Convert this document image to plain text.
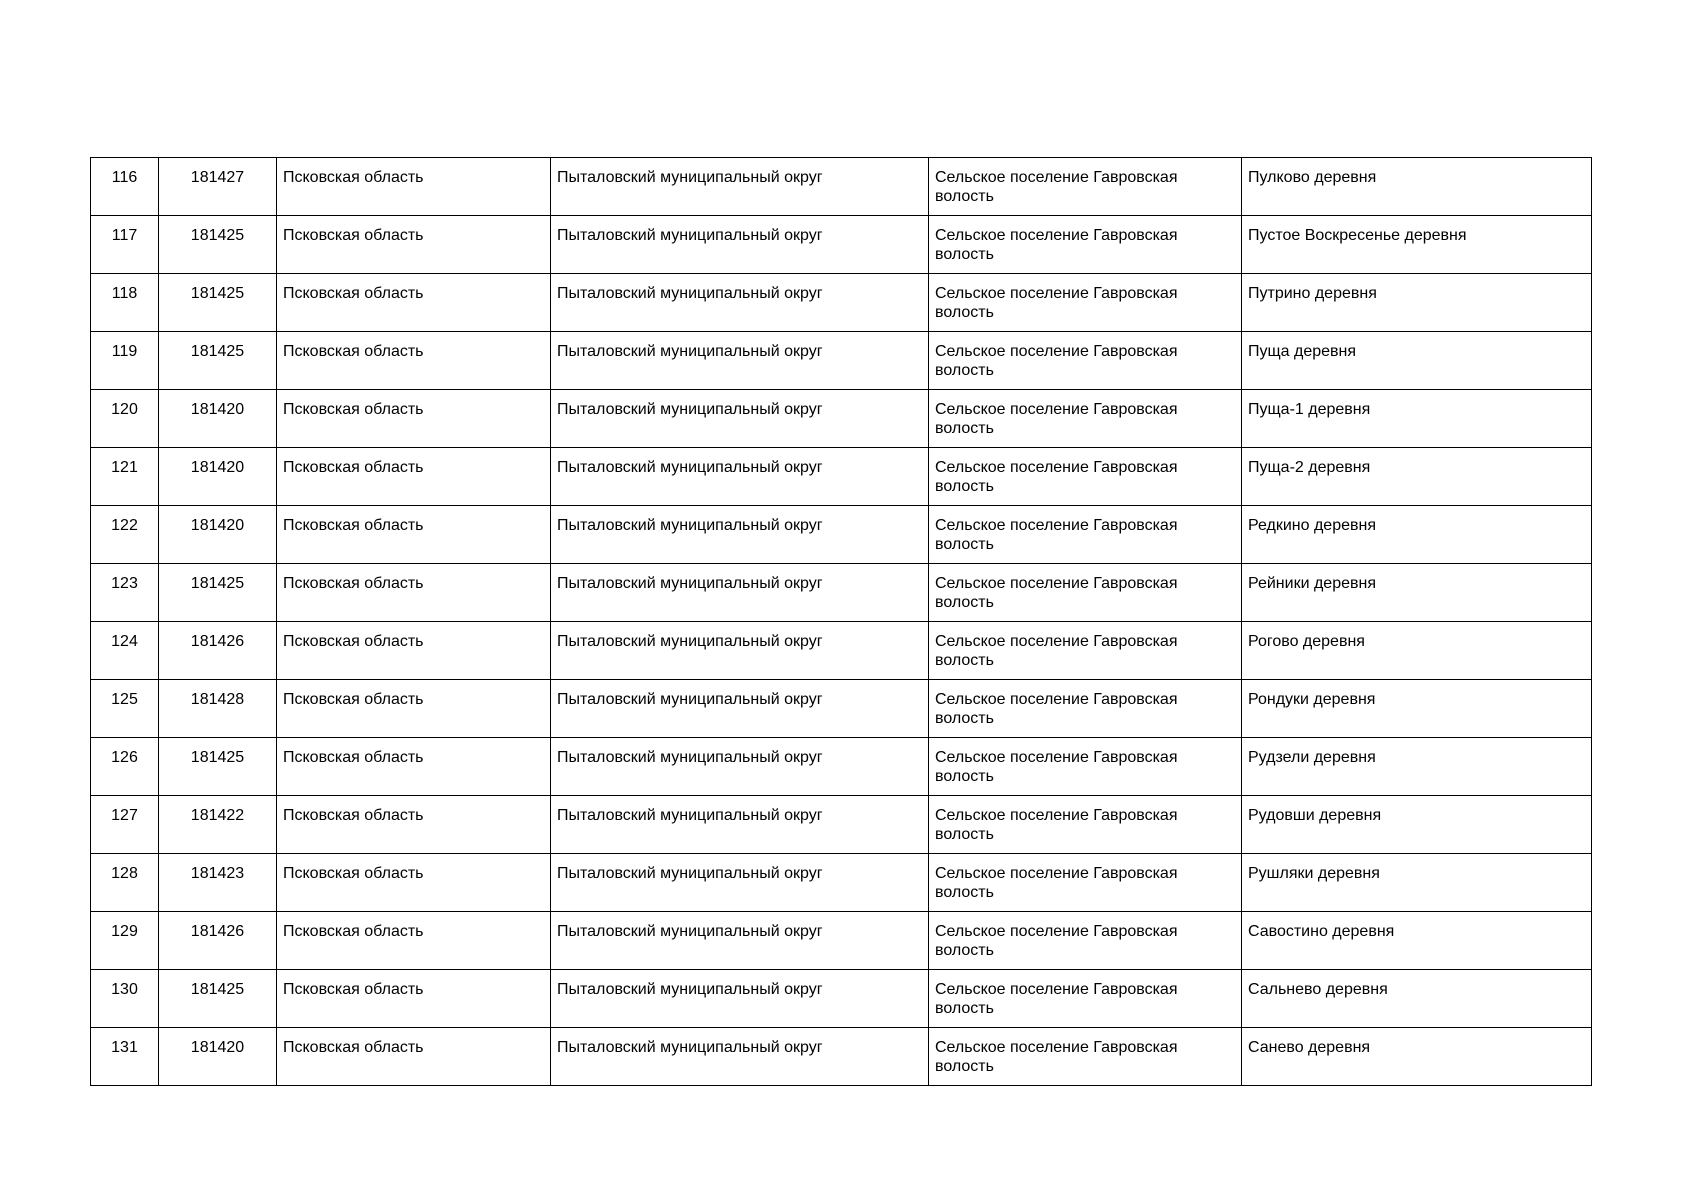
116	181427	Псковская область	Пыталовский муниципальный округ	Сельское поселение Гавровская волость	Пулково деревня
117	181425	Псковская область	Пыталовский муниципальный округ	Сельское поселение Гавровская волость	Пустое Воскресенье деревня
118	181425	Псковская область	Пыталовский муниципальный округ	Сельское поселение Гавровская волость	Путрино деревня
119	181425	Псковская область	Пыталовский муниципальный округ	Сельское поселение Гавровская волость	Пуща деревня
120	181420	Псковская область	Пыталовский муниципальный округ	Сельское поселение Гавровская волость	Пуща-1 деревня
121	181420	Псковская область	Пыталовский муниципальный округ	Сельское поселение Гавровская волость	Пуща-2 деревня
122	181420	Псковская область	Пыталовский муниципальный округ	Сельское поселение Гавровская волость	Редкино деревня
123	181425	Псковская область	Пыталовский муниципальный округ	Сельское поселение Гавровская волость	Рейники деревня
124	181426	Псковская область	Пыталовский муниципальный округ	Сельское поселение Гавровская волость	Рогово деревня
125	181428	Псковская область	Пыталовский муниципальный округ	Сельское поселение Гавровская волость	Рондуки деревня
126	181425	Псковская область	Пыталовский муниципальный округ	Сельское поселение Гавровская волость	Рудзели деревня
127	181422	Псковская область	Пыталовский муниципальный округ	Сельское поселение Гавровская волость	Рудовши деревня
128	181423	Псковская область	Пыталовский муниципальный округ	Сельское поселение Гавровская волость	Рушляки деревня
129	181426	Псковская область	Пыталовский муниципальный округ	Сельское поселение Гавровская волость	Савостино деревня
130	181425	Псковская область	Пыталовский муниципальный округ	Сельское поселение Гавровская волость	Сальнево деревня
131	181420	Псковская область	Пыталовский муниципальный округ	Сельское поселение Гавровская волость	Санево деревня
